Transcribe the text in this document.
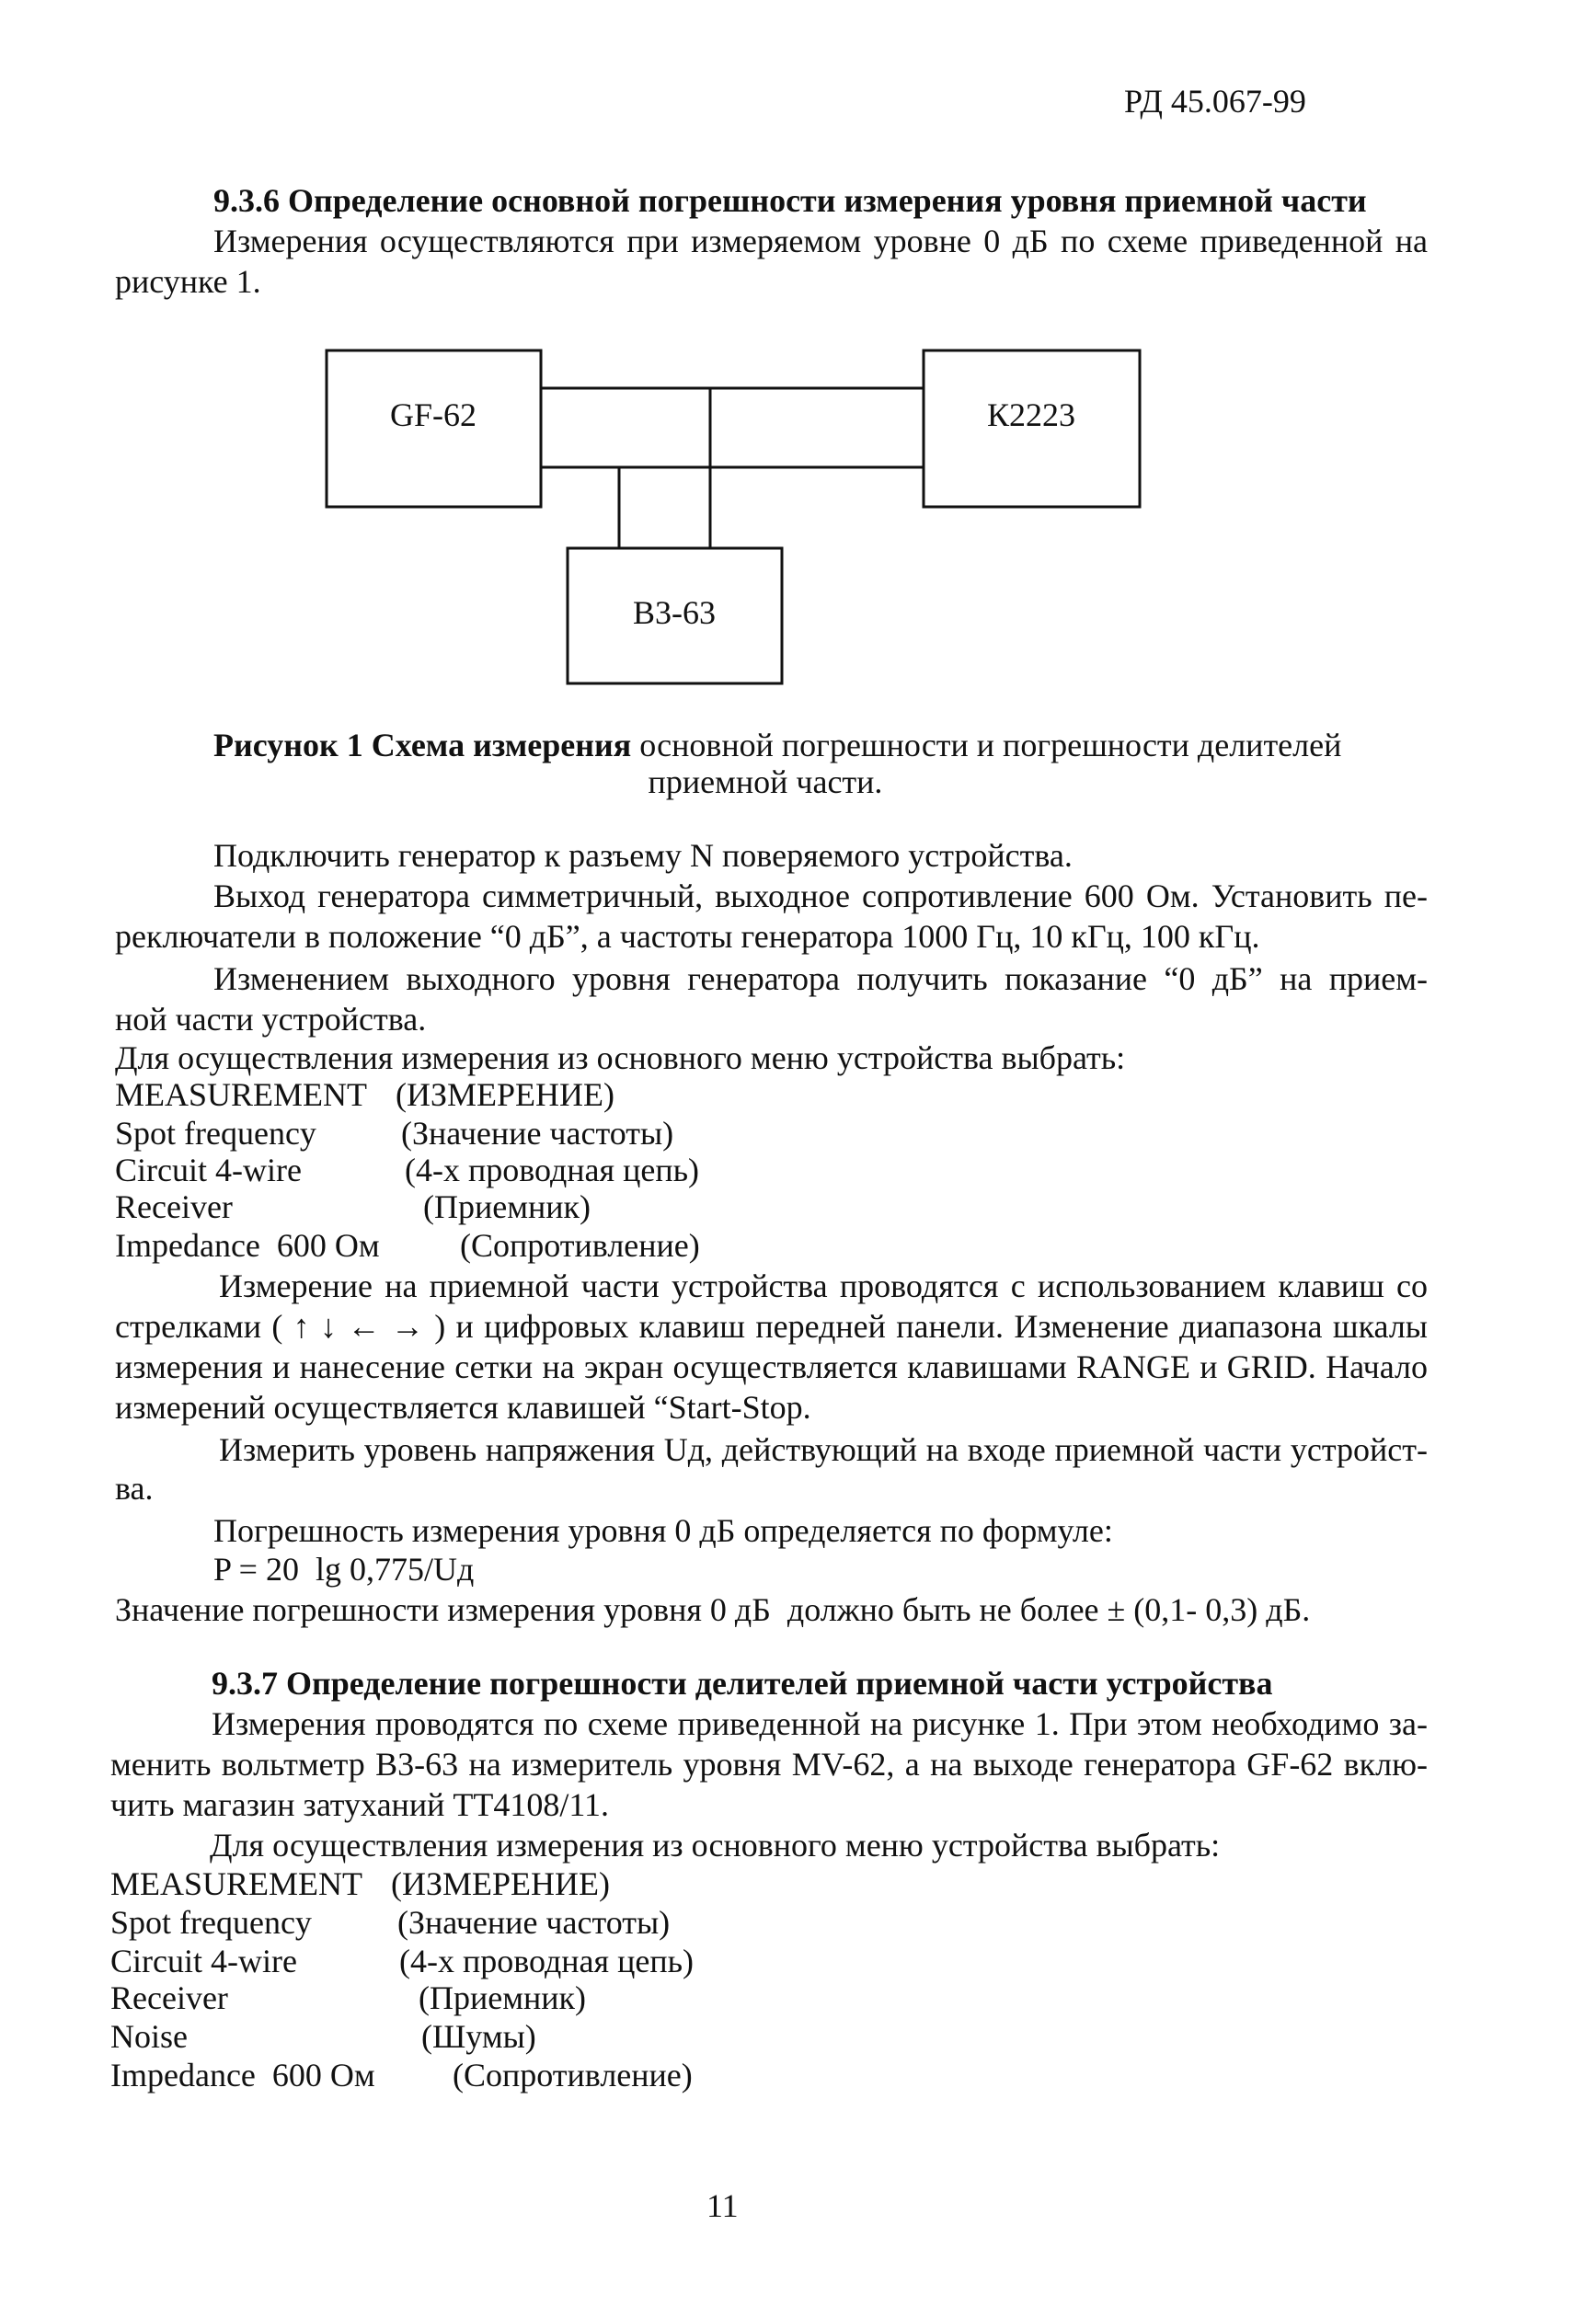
РД 45.067-99
9.3.6 Определение основной погрешности измерения уровня приемной части
Измерения осуществляются при измеряемом уровне 0 дБ по схеме приведенной на
рисунке 1.
GF-62	К2223
В3-63
Рисунок 1 Схема измерения основной погрешности и погрешности делителей
приемной части.
Подключить генератор к разъему N поверяемого устройства.
Выход генератора симметричный, выходное сопротивление 600 Ом. Установить пе-
реключатели в положение “0 дБ”, а частоты генератора 1000 Гц, 10 кГц, 100 кГц.
Изменением выходного уровня генератора получить показание “0 дБ” на прием-
ной части устройства.
Для осуществления измерения из основного меню устройства выбрать:
MEASUREMENT (ИЗМЕРЕНИЕ)
Spot frequency	(Значение частоты)
Circuit 4-wire	(4-х проводная цепь)
Receiver	(Приемник)
Impedance  600 Ом (Сопротивление)
Измерение на приемной части устройства проводятся с использованием клавиш со
стрелками ( ↑ ↓ ← → ) и цифровых клавиш передней панели. Изменение диапазона шкалы
измерения и нанесение сетки на экран осуществляется клавишами RANGE и GRID. Начало
измерений осуществляется клавишей “Start-Stop.
Измерить уровень напряжения Uд, действующий на входе приемной части устройст-
ва.
Погрешность измерения уровня 0 дБ определяется по формуле:
P = 20  lg 0,775/Uд
Значение погрешности измерения уровня 0 дБ  должно быть не более ± (0,1- 0,3) дБ.
9.3.7 Определение погрешности делителей приемной части устройства
Измерения проводятся по схеме приведенной на рисунке 1. При этом необходимо за-
менить вольтметр В3-63 на измеритель уровня MV-62, а на выходе генератора GF-62 вклю-
чить магазин затуханий ТТ4108/11.
Для осуществления измерения из основного меню устройства выбрать:
MEASUREMENT (ИЗМЕРЕНИЕ)
Spot frequency	(Значение частоты)
Circuit 4-wire	(4-х проводная цепь)
Receiver	(Приемник)
Noise	(Шумы)
Impedance  600 Ом (Сопротивление)
11
